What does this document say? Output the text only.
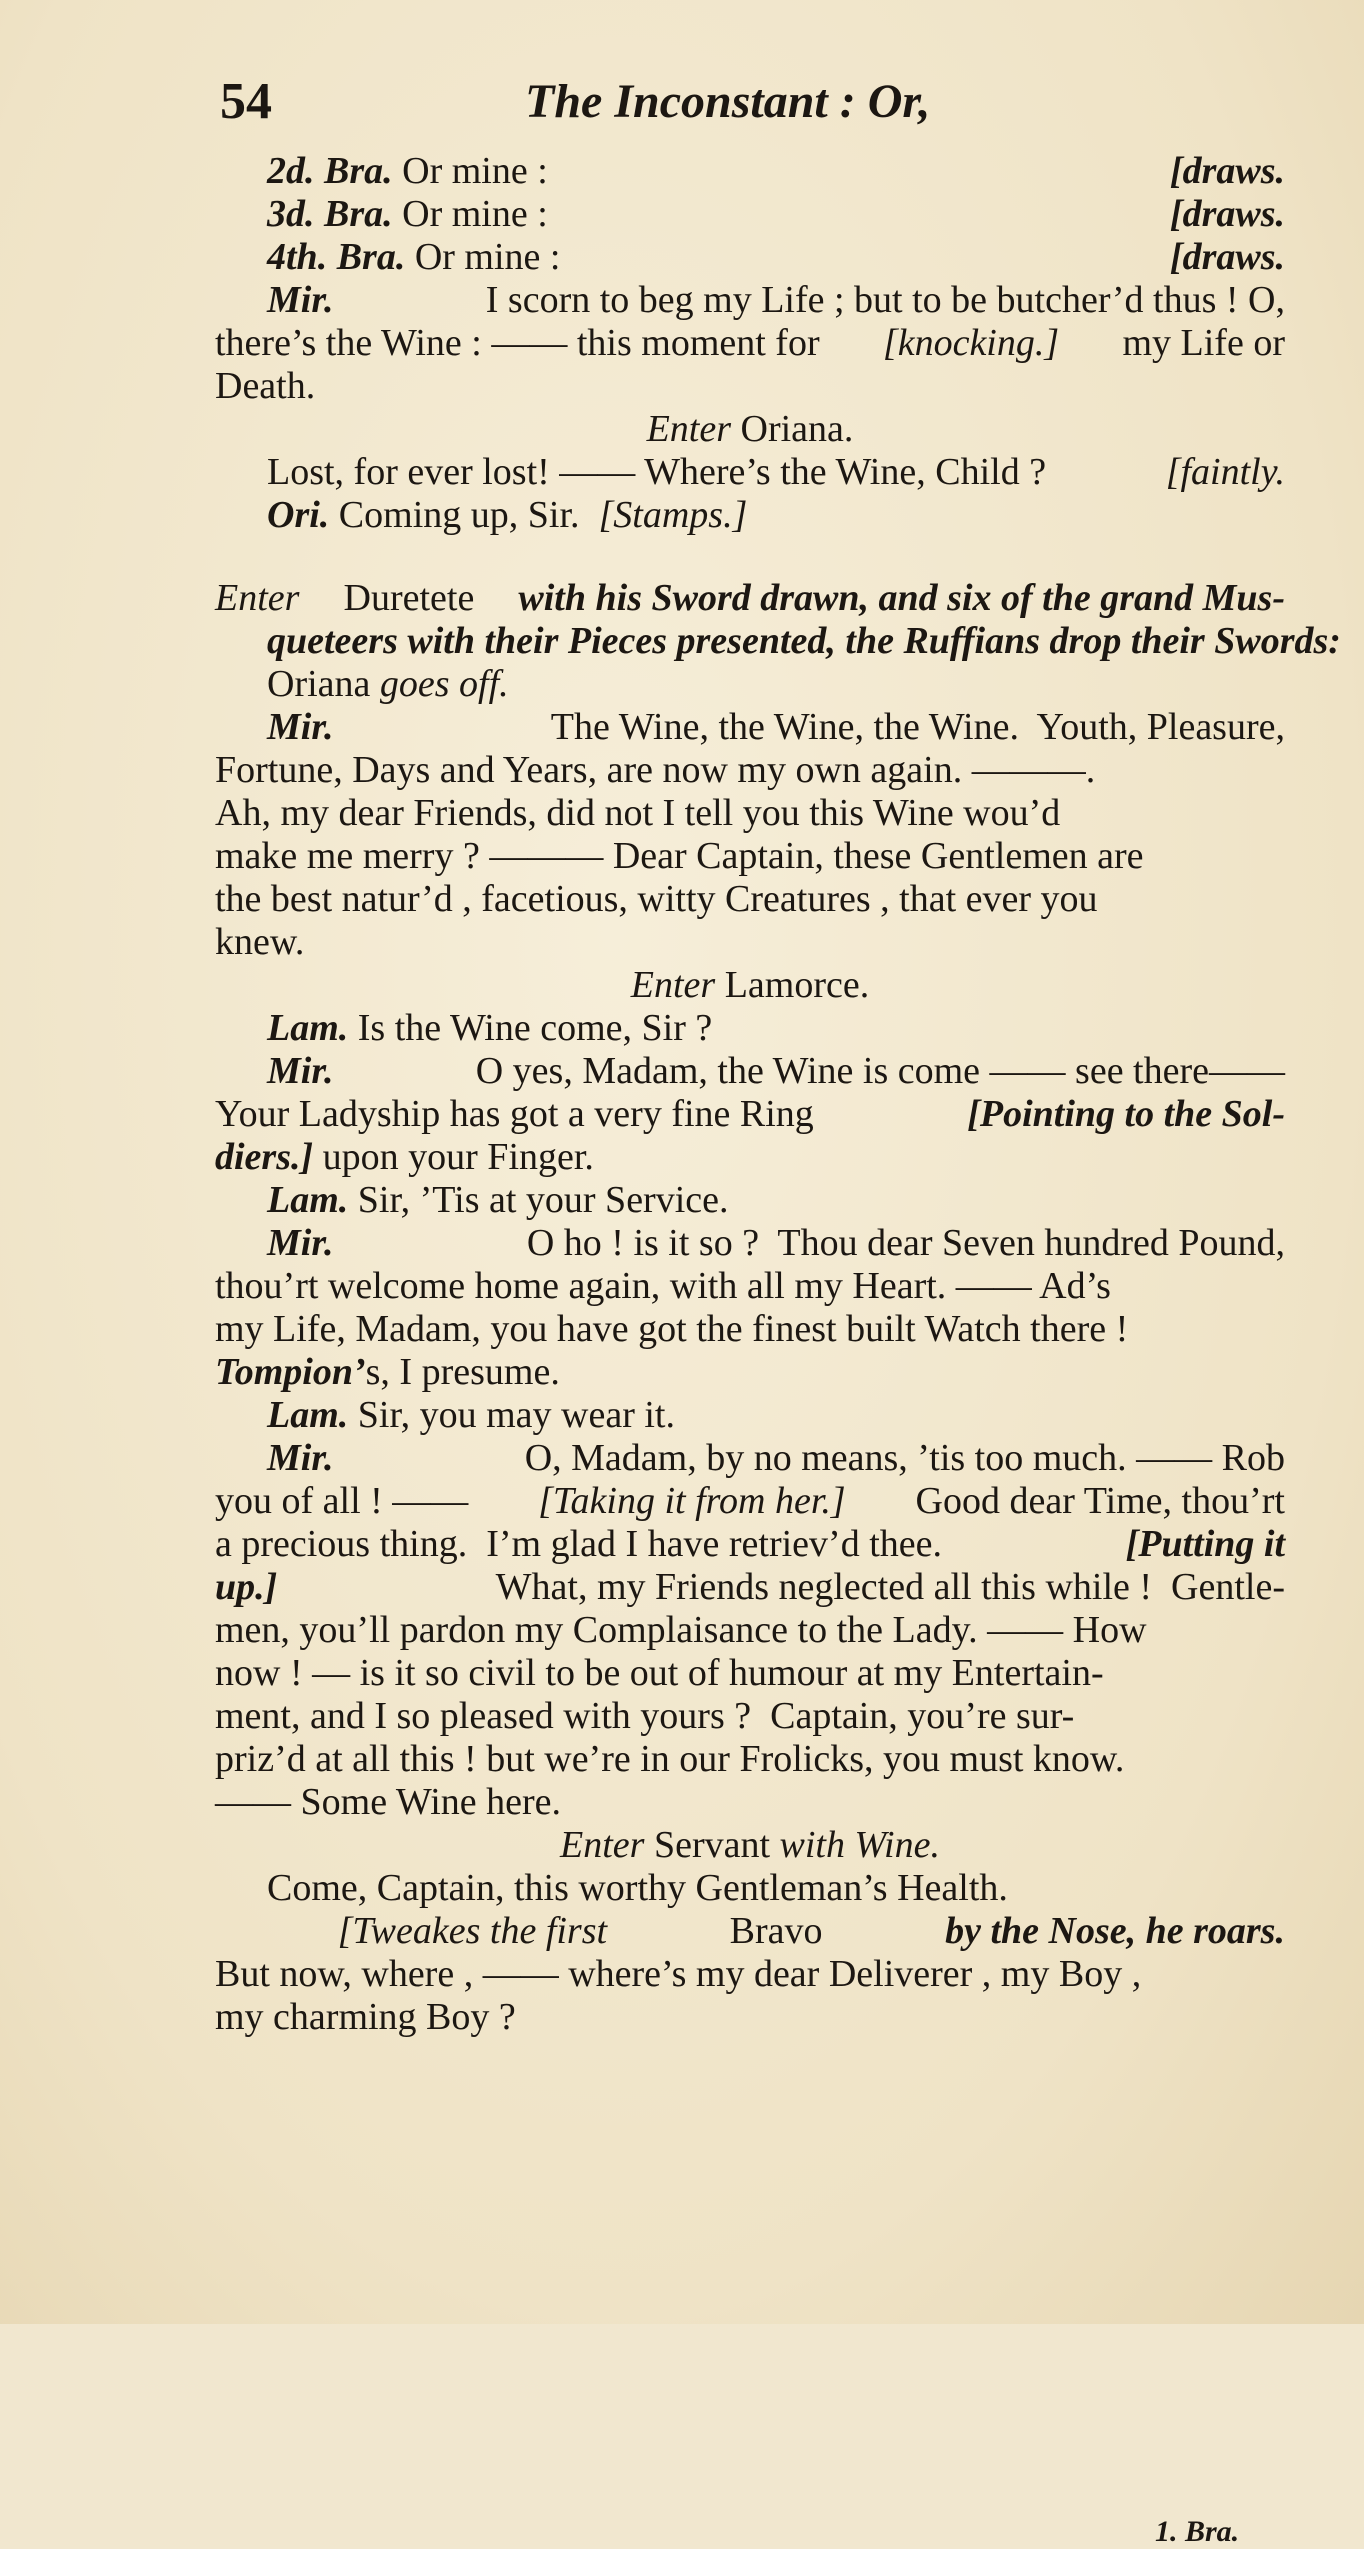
54	The Inconstant : Or,
2d. Bra. Or mine :	[draws.
3d. Bra. Or mine :	[draws.
4th. Bra. Or mine :	[draws.
Mir.	I scorn to beg my Life ; but to be butcher’d thus ! O,
there’s the Wine : —— this moment for [knocking.] my Life or
Death.
Enter Oriana.
Lost, for ever lost! —— Where’s the Wine, Child ?	[faintly.
Ori. Coming up, Sir. [Stamps.]
Enter Duretete with his Sword drawn, and six of the grand Mus-
queteers with their Pieces presented, the Ruffians drop their Swords:
Oriana goes off.
Mir.	The Wine, the Wine, the Wine.  Youth, Pleasure,
Fortune, Days and Years, are now my own again. ———.
Ah, my dear Friends, did not I tell you this Wine wou’d
make me merry ? ——— Dear Captain, these Gentlemen are
the best natur’d , facetious, witty Creatures , that ever you
knew.
Enter Lamorce.
Lam. Is the Wine come, Sir ?
Mir.	O yes, Madam, the Wine is come —— see there——
Your Ladyship has got a very fine Ring	[Pointing to the Sol-
diers.] upon your Finger.
Lam. Sir, ’Tis at your Service.
Mir.	O ho ! is it so ?  Thou dear Seven hundred Pound,
thou’rt welcome home again, with all my Heart. —— Ad’s
my Life, Madam, you have got the finest built Watch there !
Tompion’ s, I presume.
Lam. Sir, you may wear it.
Mir.	O, Madam, by no means, ’tis too much. —— Rob
you of all ! —— [Taking it from her.] Good dear Time, thou’rt
a precious thing.  I’m glad I have retriev’d thee.	[Putting it
up.]	What, my Friends neglected all this while !  Gentle-
men, you’ll pardon my Complaisance to the Lady. —— How
now ! — is it so civil to be out of humour at my Entertain-
ment, and I so pleased with yours ?  Captain, you’re sur-
priz’d at all this ! but we’re in our Frolicks, you must know.
—— Some Wine here.
Enter Servant with Wine.
Come, Captain, this worthy Gentleman’s Health.

[Tweakes the first	Bravo	by the Nose, he roars.
But now, where , —— where’s my dear Deliverer , my Boy ,
my charming Boy ?
1. Bra.
